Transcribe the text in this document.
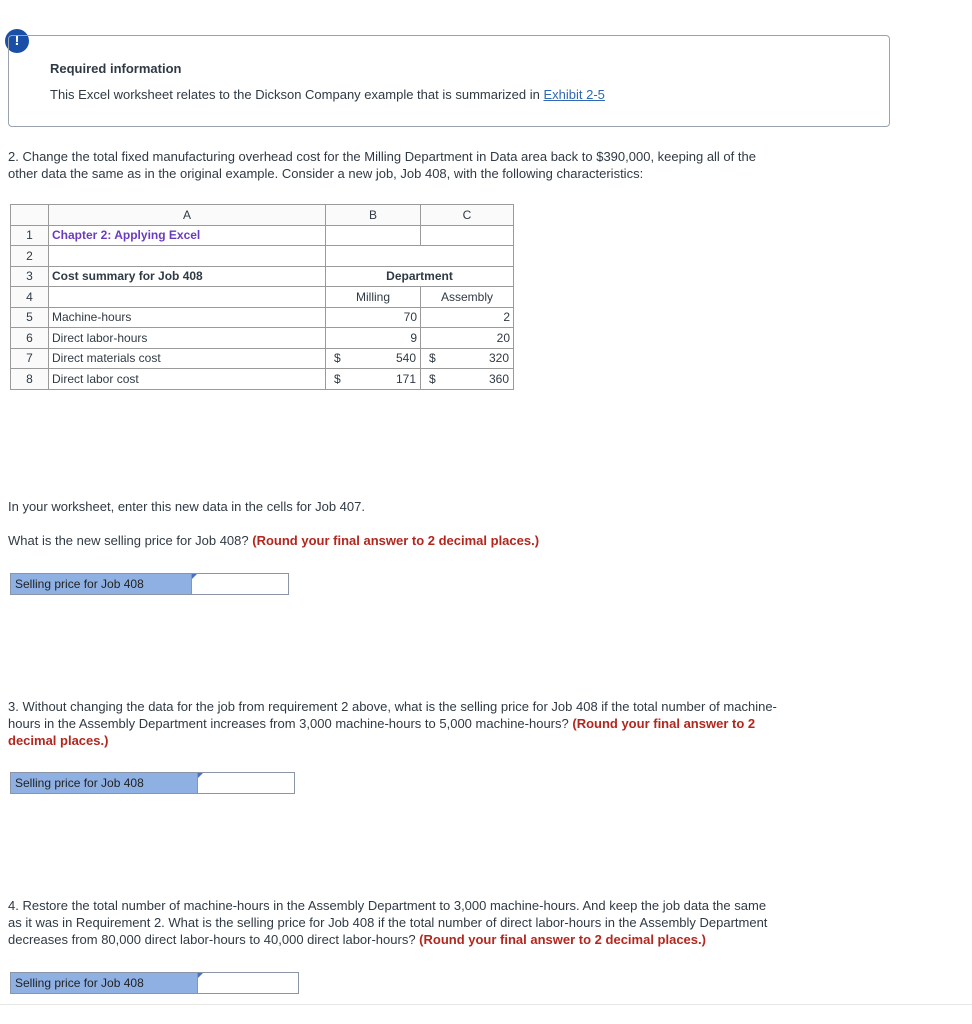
!
Required information
This Excel worksheet relates to the Dickson Company example that is summarized in Exhibit 2-5
2. Change the total fixed manufacturing overhead cost for the Milling Department in Data area back to $390,000, keeping all of the
other data the same as in the original example. Consider a new job, Job 408, with the following characteristics:
	A	B	C
1	Chapter 2: Applying Excel		
2			
3	Cost summary for Job 408	Department	
4		Milling	Assembly
5	Machine-hours	70	2
6	Direct labor-hours	9	20
7	Direct materials cost	$ 540	$ 320

8	Direct labor cost	$ 171	$ 360
In your worksheet, enter this new data in the cells for Job 407.
What is the new selling price for Job 408? (Round your final answer to 2 decimal places.)
Selling price for Job 408
3. Without changing the data for the job from requirement 2 above, what is the selling price for Job 408 if the total number of machine-
hours in the Assembly Department increases from 3,000 machine-hours to 5,000 machine-hours? (Round your final answer to 2
decimal places.)
Selling price for Job 408
4. Restore the total number of machine-hours in the Assembly Department to 3,000 machine-hours. And keep the job data the same
as it was in Requirement 2. What is the selling price for Job 408 if the total number of direct labor-hours in the Assembly Department
decreases from 80,000 direct labor-hours to 40,000 direct labor-hours? (Round your final answer to 2 decimal places.)
Selling price for Job 408
